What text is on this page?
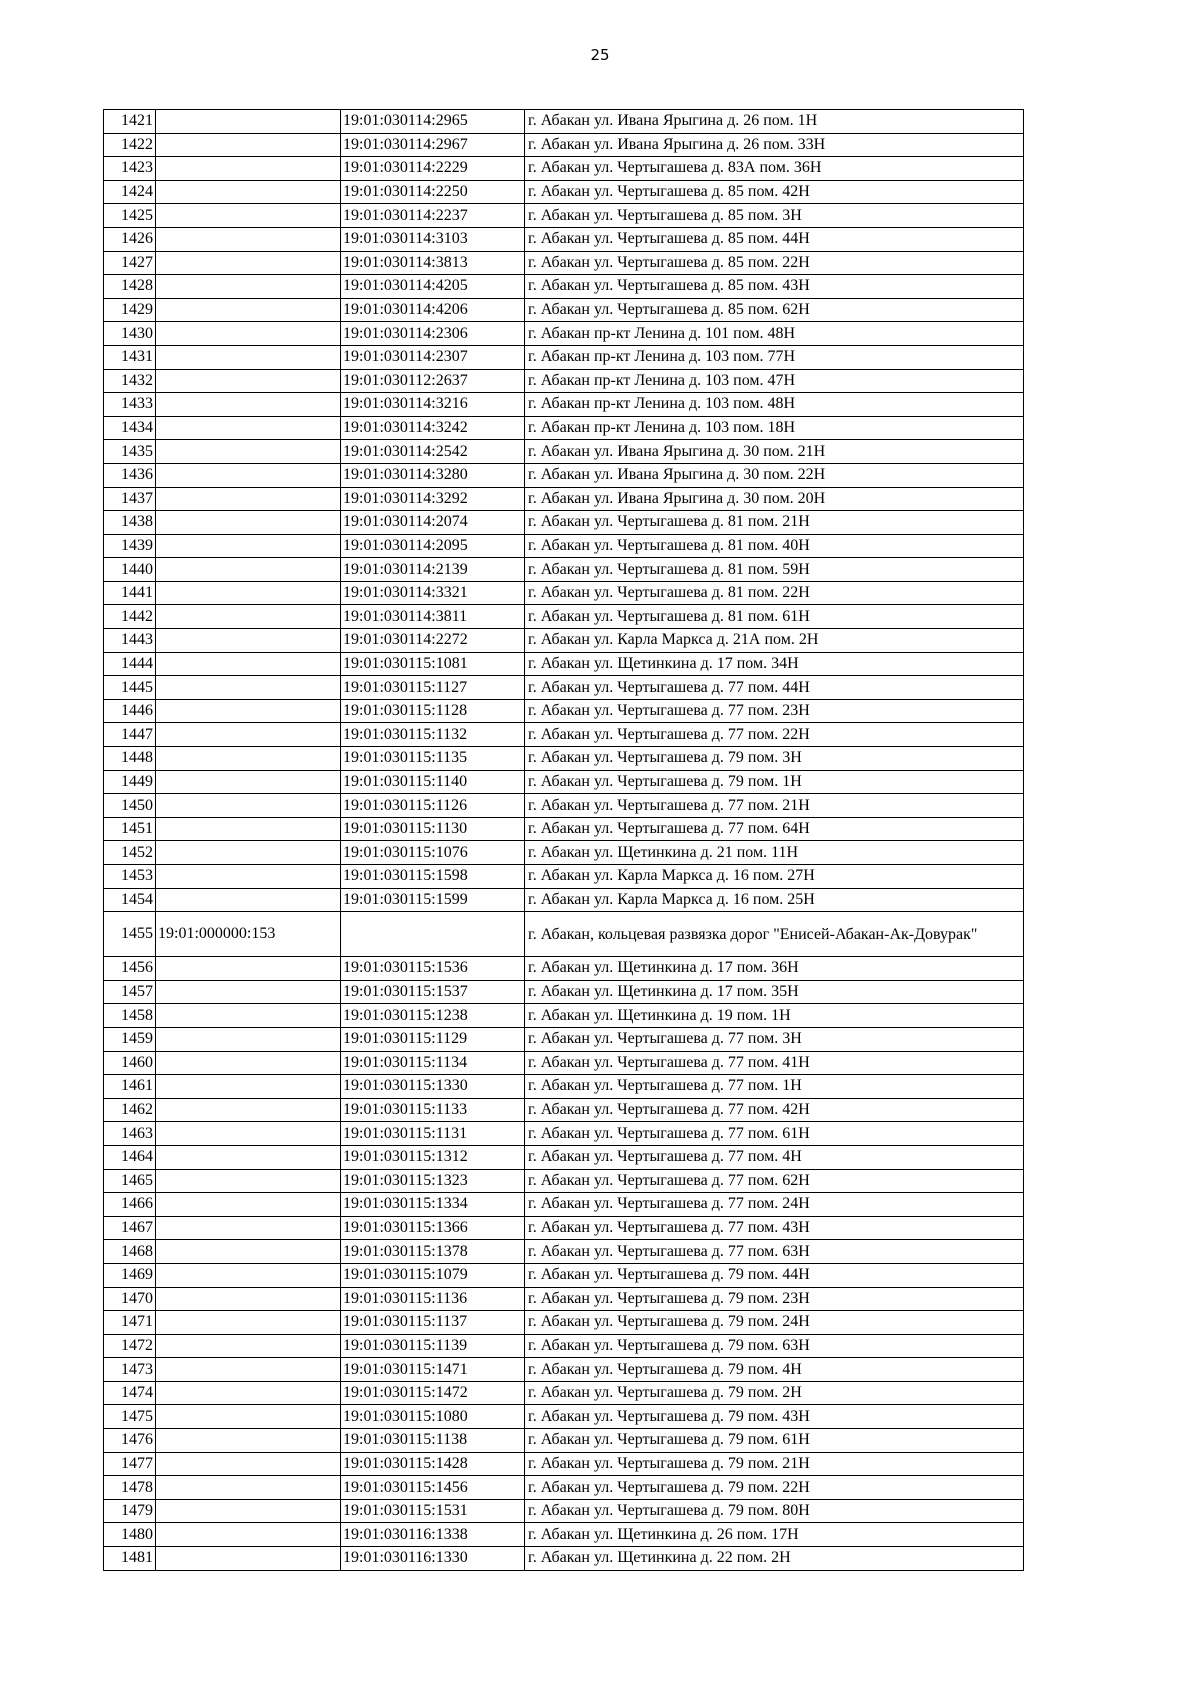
25
1421		19:01:030114:2965	г. Абакан ул. Ивана Ярыгина д. 26 пом. 1Н
1422		19:01:030114:2967	г. Абакан ул. Ивана Ярыгина д. 26 пом. 33Н
1423		19:01:030114:2229	г. Абакан ул. Чертыгашева д. 83А пом. 36Н
1424		19:01:030114:2250	г. Абакан ул. Чертыгашева д. 85 пом. 42Н
1425		19:01:030114:2237	г. Абакан ул. Чертыгашева д. 85 пом. 3Н
1426		19:01:030114:3103	г. Абакан ул. Чертыгашева д. 85 пом. 44Н
1427		19:01:030114:3813	г. Абакан ул. Чертыгашева д. 85 пом. 22Н
1428		19:01:030114:4205	г. Абакан ул. Чертыгашева д. 85 пом. 43Н
1429		19:01:030114:4206	г. Абакан ул. Чертыгашева д. 85 пом. 62Н
1430		19:01:030114:2306	г. Абакан пр-кт Ленина д. 101 пом. 48Н
1431		19:01:030114:2307	г. Абакан пр-кт Ленина д. 103 пом. 77Н
1432		19:01:030112:2637	г. Абакан пр-кт Ленина д. 103 пом. 47Н
1433		19:01:030114:3216	г. Абакан пр-кт Ленина д. 103 пом. 48Н
1434		19:01:030114:3242	г. Абакан пр-кт Ленина д. 103 пом. 18Н
1435		19:01:030114:2542	г. Абакан ул. Ивана Ярыгина д. 30 пом. 21Н
1436		19:01:030114:3280	г. Абакан ул. Ивана Ярыгина д. 30 пом. 22Н
1437		19:01:030114:3292	г. Абакан ул. Ивана Ярыгина д. 30 пом. 20Н
1438		19:01:030114:2074	г. Абакан ул. Чертыгашева д. 81 пом. 21Н
1439		19:01:030114:2095	г. Абакан ул. Чертыгашева д. 81 пом. 40Н
1440		19:01:030114:2139	г. Абакан ул. Чертыгашева д. 81 пом. 59Н
1441		19:01:030114:3321	г. Абакан ул. Чертыгашева д. 81 пом. 22Н
1442		19:01:030114:3811	г. Абакан ул. Чертыгашева д. 81 пом. 61Н
1443		19:01:030114:2272	г. Абакан ул. Карла Маркса д. 21А пом. 2Н
1444		19:01:030115:1081	г. Абакан ул. Щетинкина д. 17 пом. 34Н
1445		19:01:030115:1127	г. Абакан ул. Чертыгашева д. 77 пом. 44Н
1446		19:01:030115:1128	г. Абакан ул. Чертыгашева д. 77 пом. 23Н
1447		19:01:030115:1132	г. Абакан ул. Чертыгашева д. 77 пом. 22Н
1448		19:01:030115:1135	г. Абакан ул. Чертыгашева д. 79 пом. 3Н
1449		19:01:030115:1140	г. Абакан ул. Чертыгашева д. 79 пом. 1Н
1450		19:01:030115:1126	г. Абакан ул. Чертыгашева д. 77 пом. 21Н
1451		19:01:030115:1130	г. Абакан ул. Чертыгашева д. 77 пом. 64Н
1452		19:01:030115:1076	г. Абакан ул. Щетинкина д. 21 пом. 11Н
1453		19:01:030115:1598	г. Абакан ул. Карла Маркса д. 16 пом. 27Н
1454		19:01:030115:1599	г. Абакан ул. Карла Маркса д. 16 пом. 25Н
1455	19:01:000000:153		г. Абакан, кольцевая развязка дорог "Енисей-Абакан-Ак-Довурак"
1456		19:01:030115:1536	г. Абакан ул. Щетинкина д. 17 пом. 36Н
1457		19:01:030115:1537	г. Абакан ул. Щетинкина д. 17 пом. 35Н
1458		19:01:030115:1238	г. Абакан ул. Щетинкина д. 19 пом. 1Н
1459		19:01:030115:1129	г. Абакан ул. Чертыгашева д. 77 пом. 3Н
1460		19:01:030115:1134	г. Абакан ул. Чертыгашева д. 77 пом. 41Н
1461		19:01:030115:1330	г. Абакан ул. Чертыгашева д. 77 пом. 1Н
1462		19:01:030115:1133	г. Абакан ул. Чертыгашева д. 77 пом. 42Н
1463		19:01:030115:1131	г. Абакан ул. Чертыгашева д. 77 пом. 61Н
1464		19:01:030115:1312	г. Абакан ул. Чертыгашева д. 77 пом. 4Н
1465		19:01:030115:1323	г. Абакан ул. Чертыгашева д. 77 пом. 62Н
1466		19:01:030115:1334	г. Абакан ул. Чертыгашева д. 77 пом. 24Н
1467		19:01:030115:1366	г. Абакан ул. Чертыгашева д. 77 пом. 43Н
1468		19:01:030115:1378	г. Абакан ул. Чертыгашева д. 77 пом. 63Н
1469		19:01:030115:1079	г. Абакан ул. Чертыгашева д. 79 пом. 44Н
1470		19:01:030115:1136	г. Абакан ул. Чертыгашева д. 79 пом. 23Н
1471		19:01:030115:1137	г. Абакан ул. Чертыгашева д. 79 пом. 24Н
1472		19:01:030115:1139	г. Абакан ул. Чертыгашева д. 79 пом. 63Н
1473		19:01:030115:1471	г. Абакан ул. Чертыгашева д. 79 пом. 4Н
1474		19:01:030115:1472	г. Абакан ул. Чертыгашева д. 79 пом. 2Н
1475		19:01:030115:1080	г. Абакан ул. Чертыгашева д. 79 пом. 43Н
1476		19:01:030115:1138	г. Абакан ул. Чертыгашева д. 79 пом. 61Н
1477		19:01:030115:1428	г. Абакан ул. Чертыгашева д. 79 пом. 21Н
1478		19:01:030115:1456	г. Абакан ул. Чертыгашева д. 79 пом. 22Н
1479		19:01:030115:1531	г. Абакан ул. Чертыгашева д. 79 пом. 80Н
1480		19:01:030116:1338	г. Абакан ул. Щетинкина д. 26 пом. 17Н
1481		19:01:030116:1330	г. Абакан ул. Щетинкина д. 22 пом. 2Н
